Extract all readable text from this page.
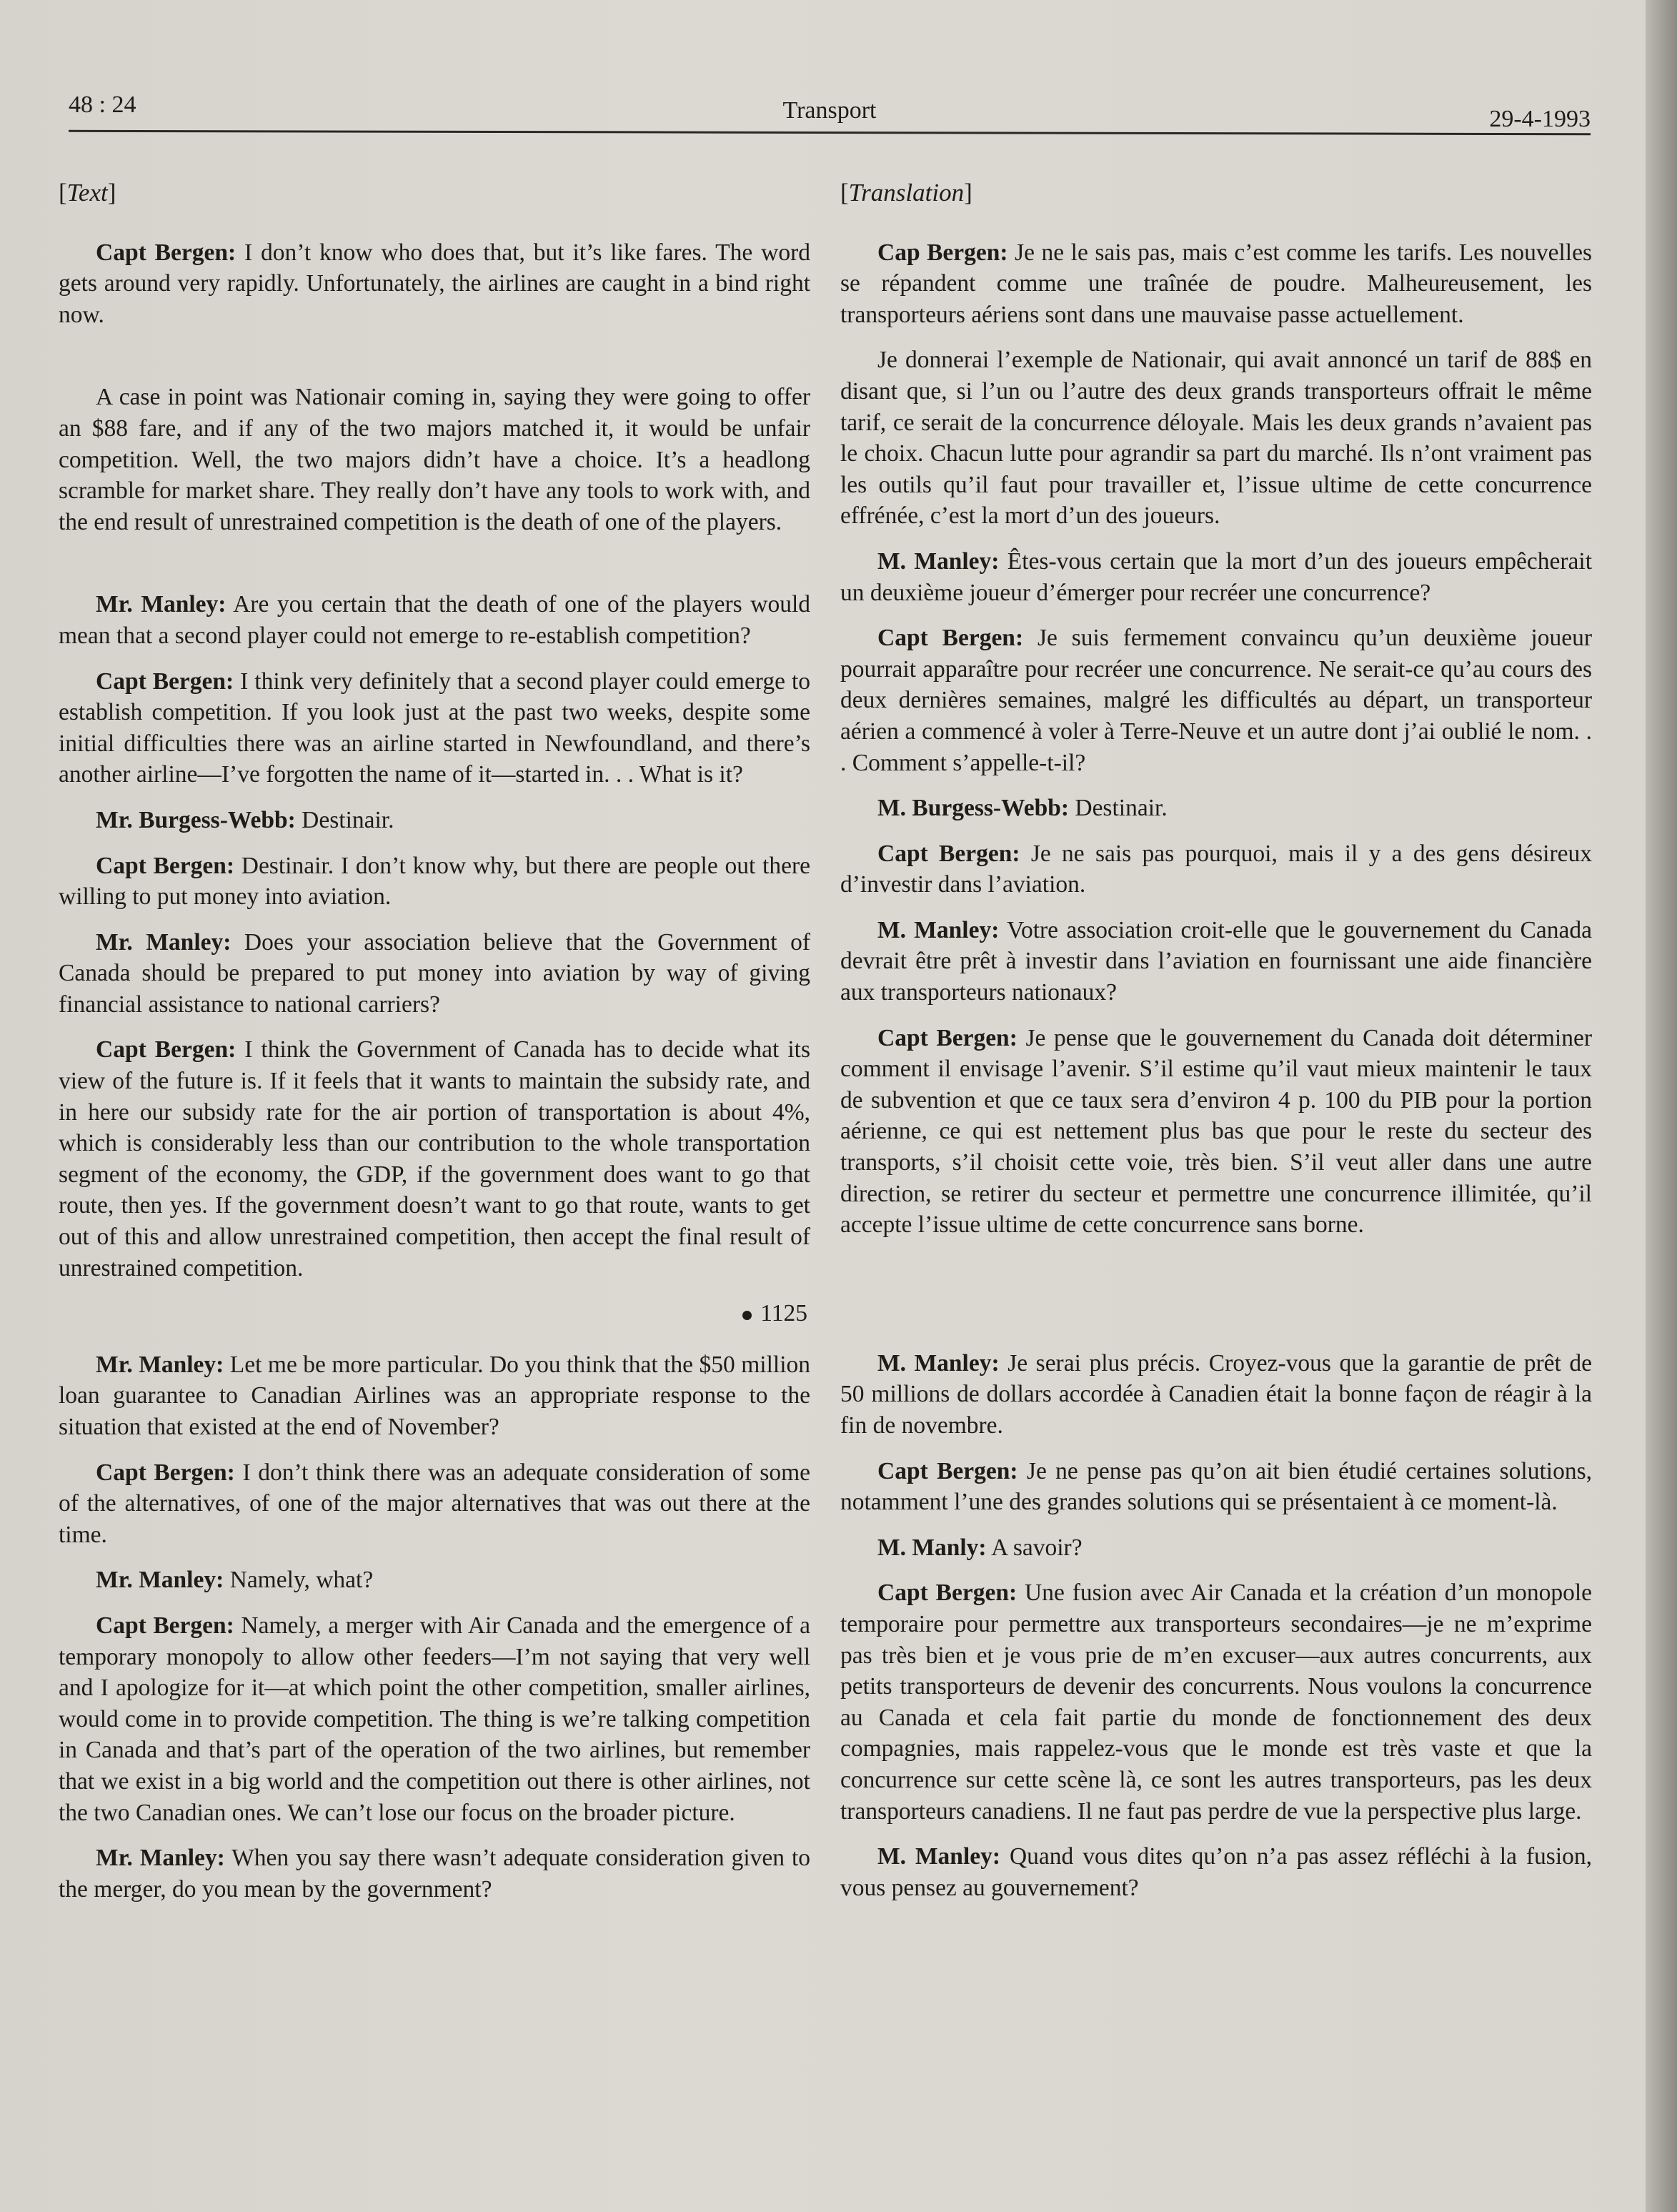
48 : 24	Transport	29-4-1993

[Text]

Capt Bergen: I don’t know who does that, but it’s like fares. The word gets around very rapidly. Unfortunately, the airlines are caught in a bind right now.

A case in point was Nationair coming in, saying they were going to offer an $88 fare, and if any of the two majors matched it, it would be unfair competition. Well, the two majors didn’t have a choice. It’s a headlong scramble for market share. They really don’t have any tools to work with, and the end result of unrestrained competition is the death of one of the players.

Mr. Manley: Are you certain that the death of one of the players would mean that a second player could not emerge to re-establish competition?

Capt Bergen: I think very definitely that a second player could emerge to establish competition. If you look just at the past two weeks, despite some initial difficulties there was an airline started in Newfoundland, and there’s another airline—I’ve forgotten the name of it—started in. . . What is it?

Mr. Burgess-Webb: Destinair.

Capt Bergen: Destinair. I don’t know why, but there are people out there willing to put money into aviation.

Mr. Manley: Does your association believe that the Government of Canada should be prepared to put money into aviation by way of giving financial assistance to national carriers?

Capt Bergen: I think the Government of Canada has to decide what its view of the future is. If it feels that it wants to maintain the subsidy rate, and in here our subsidy rate for the air portion of transportation is about 4%, which is considerably less than our contribution to the whole transportation segment of the economy, the GDP, if the government does want to go that route, then yes. If the government doesn’t want to go that route, wants to get out of this and allow unrestrained competition, then accept the final result of unrestrained competition.

1125

Mr. Manley: Let me be more particular. Do you think that the $50 million loan guarantee to Canadian Airlines was an appropriate response to the situation that existed at the end of November?

Capt Bergen: I don’t think there was an adequate consideration of some of the alternatives, of one of the major alternatives that was out there at the time.

Mr. Manley: Namely, what?

Capt Bergen: Namely, a merger with Air Canada and the emergence of a temporary monopoly to allow other feeders—I’m not saying that very well and I apologize for it—at which point the other competition, smaller airlines, would come in to provide competition. The thing is we’re talking competition in Canada and that’s part of the operation of the two airlines, but remember that we exist in a big world and the competition out there is other airlines, not the two Canadian ones. We can’t lose our focus on the broader picture.

Mr. Manley: When you say there wasn’t adequate consideration given to the merger, do you mean by the government?

[Translation]

Cap Bergen: Je ne le sais pas, mais c’est comme les tarifs. Les nouvelles se répandent comme une traînée de poudre. Malheureusement, les transporteurs aériens sont dans une mauvaise passe actuellement.

Je donnerai l’exemple de Nationair, qui avait annoncé un tarif de 88$ en disant que, si l’un ou l’autre des deux grands transporteurs offrait le même tarif, ce serait de la concurrence déloyale. Mais les deux grands n’avaient pas le choix. Chacun lutte pour agrandir sa part du marché. Ils n’ont vraiment pas les outils qu’il faut pour travailler et, l’issue ultime de cette concurrence effrénée, c’est la mort d’un des joueurs.

M. Manley: Êtes-vous certain que la mort d’un des joueurs empêcherait un deuxième joueur d’émerger pour recréer une concurrence?

Capt Bergen: Je suis fermement convaincu qu’un deuxième joueur pourrait apparaître pour recréer une concurrence. Ne serait-ce qu’au cours des deux dernières semaines, malgré les difficultés au départ, un transporteur aérien a commencé à voler à Terre-Neuve et un autre dont j’ai oublié le nom. . . Comment s’appelle-t-il?

M. Burgess-Webb: Destinair.

Capt Bergen: Je ne sais pas pourquoi, mais il y a des gens désireux d’investir dans l’aviation.

M. Manley: Votre association croit-elle que le gouvernement du Canada devrait être prêt à investir dans l’aviation en fournissant une aide financière aux transporteurs nationaux?

Capt Bergen: Je pense que le gouvernement du Canada doit déterminer comment il envisage l’avenir. S’il estime qu’il vaut mieux maintenir le taux de subvention et que ce taux sera d’environ 4 p. 100 du PIB pour la portion aérienne, ce qui est nettement plus bas que pour le reste du secteur des transports, s’il choisit cette voie, très bien. S’il veut aller dans une autre direction, se retirer du secteur et permettre une concurrence illimitée, qu’il accepte l’issue ultime de cette concurrence sans borne.

M. Manley: Je serai plus précis. Croyez-vous que la garantie de prêt de 50 millions de dollars accordée à Canadien était la bonne façon de réagir à la fin de novembre.

Capt Bergen: Je ne pense pas qu’on ait bien étudié certaines solutions, notamment l’une des grandes solutions qui se présentaient à ce moment-là.

M. Manly: A savoir?

Capt Bergen: Une fusion avec Air Canada et la création d’un monopole temporaire pour permettre aux transporteurs secondaires—je ne m’exprime pas très bien et je vous prie de m’en excuser—aux autres concurrents, aux petits transporteurs de devenir des concurrents. Nous voulons la concurrence au Canada et cela fait partie du monde de fonctionnement des deux compagnies, mais rappelez-vous que le monde est très vaste et que la concurrence sur cette scène là, ce sont les autres transporteurs, pas les deux transporteurs canadiens. Il ne faut pas perdre de vue la perspective plus large.

M. Manley: Quand vous dites qu’on n’a pas assez réfléchi à la fusion, vous pensez au gouvernement?
